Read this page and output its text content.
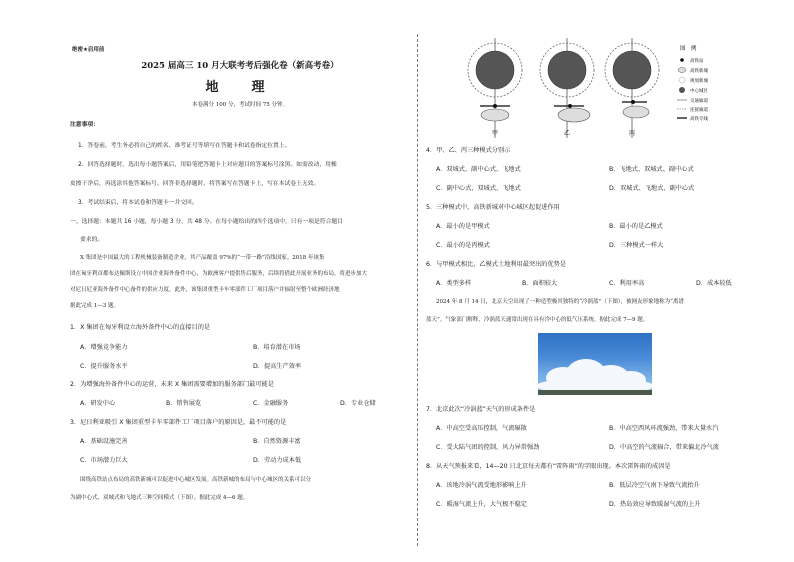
绝密★启用前
2025 届高三 10 月大联考考后强化卷（新高考卷）
地　理
本卷满分 100 分，考试时间 75 分钟。
注意事项：
1．答卷前，考生务必将自己的姓名、准考证号等填写在答题卡和试卷指定位置上。
2．回答选择题时，选出每小题答案后，用铅笔把答题卡上对应题目的答案标号涂黑。如需改动，用橡
皮擦干净后，再选涂其他答案标号。回答非选择题时，将答案写在答题卡上，写在本试卷上无效。
3．考试结束后，将本试卷和答题卡一并交回。
一、选择题：本题共 16 小题，每小题 3 分，共 48 分。在每小题给出的四个选项中，只有一项是符合题目
要求的。
X 集团是中国最大的工程机械装备制造企业，其产品覆盖 97%的“一带一路”沿线国家。2018 年该集
团在匈牙利首都布达佩斯设立中国企业海外备件中心，为欧洲客户提供售后服务，后续将借此开展业务的布局。将进步加大
对尼日尼亚海外备件中心备件的供应力度。此外，该集团重型卡车零部件工厂项目落户并辐射至整个欧洲经济地
据此完成 1—3 题。
1．X 集团在匈牙利设立海外备件中心的直接目的是
A．增强竞争能力	B．培育潜在市场
C．提升服务水平	D．提高生产效率
2．为增强海外备件中心的运营，未来 X 集团需要增加的服务部门最可能是
A．研发中心	B．销售展览	C．金融服务	D．专业仓储
3．尼日利亚吸引 X 集团重型卡车零部件工厂项目落户的原因是，最不可能的是
A．基础设施完善	B．自然资源丰富
C．市场潜力巨大	D．劳动力成本低
围绕高铁站点布局的高铁新城可以促进中心城区发展。高铁新城的布局与中心城区的关系可以分
为副中心式、双城式和飞地式三种空间模式（下图）。据此完成 4—6 题。
甲	乙	丙
图　例
高铁站
高铁新城
规划新城
中心城区
交通廊道
连接廊道
高铁专线
4．甲、乙、丙三种模式分别示
A．双城式、副中心式、飞地式	B．飞地式、双城式、副中心式
C．副中心式、双城式、飞地式	D．双城式、飞地式、副中心式
5．三种模式中，高铁新城对中心城区起促进作用
A．最小的是甲模式	B．最小的是乙模式
C．最小的是丙模式	D．三种模式一样大
6．与甲模式相比，乙模式土地利用最突出的优势是
A．类型多样	B．面积较大	C．利用率高	D．成本较低
2024 年 8 月 14 日，北京天空出现了一种造型极其独特的“冷涡蓝”（下图），被网友形象地称为“离谱
蓝天”。气象部门解释，冷涡蓝天通常出现在具有冷中心的低气压系统。据此完成 7—9 题。
7．北京此次“冷涡蓝”天气的形成条件是
A．中高空受高压控制，气流辐散	B．中高空西风环流强劲，带来大量水汽
C．受大陆气团的控制，风力异常强劲	D．中高空的气流辐合，带来偏北冷气流
8．从天气预报来看，14—20 日北京每天都有“雷阵雨”的字眼出现。本次雷阵雨的成因是
A．该地冷涡气流受地形影响上升	B．低层冷空气南下导致气流抬升
C．暖湿气流上升，大气极不稳定	D．热岛效应导致暖湿气流的上升
